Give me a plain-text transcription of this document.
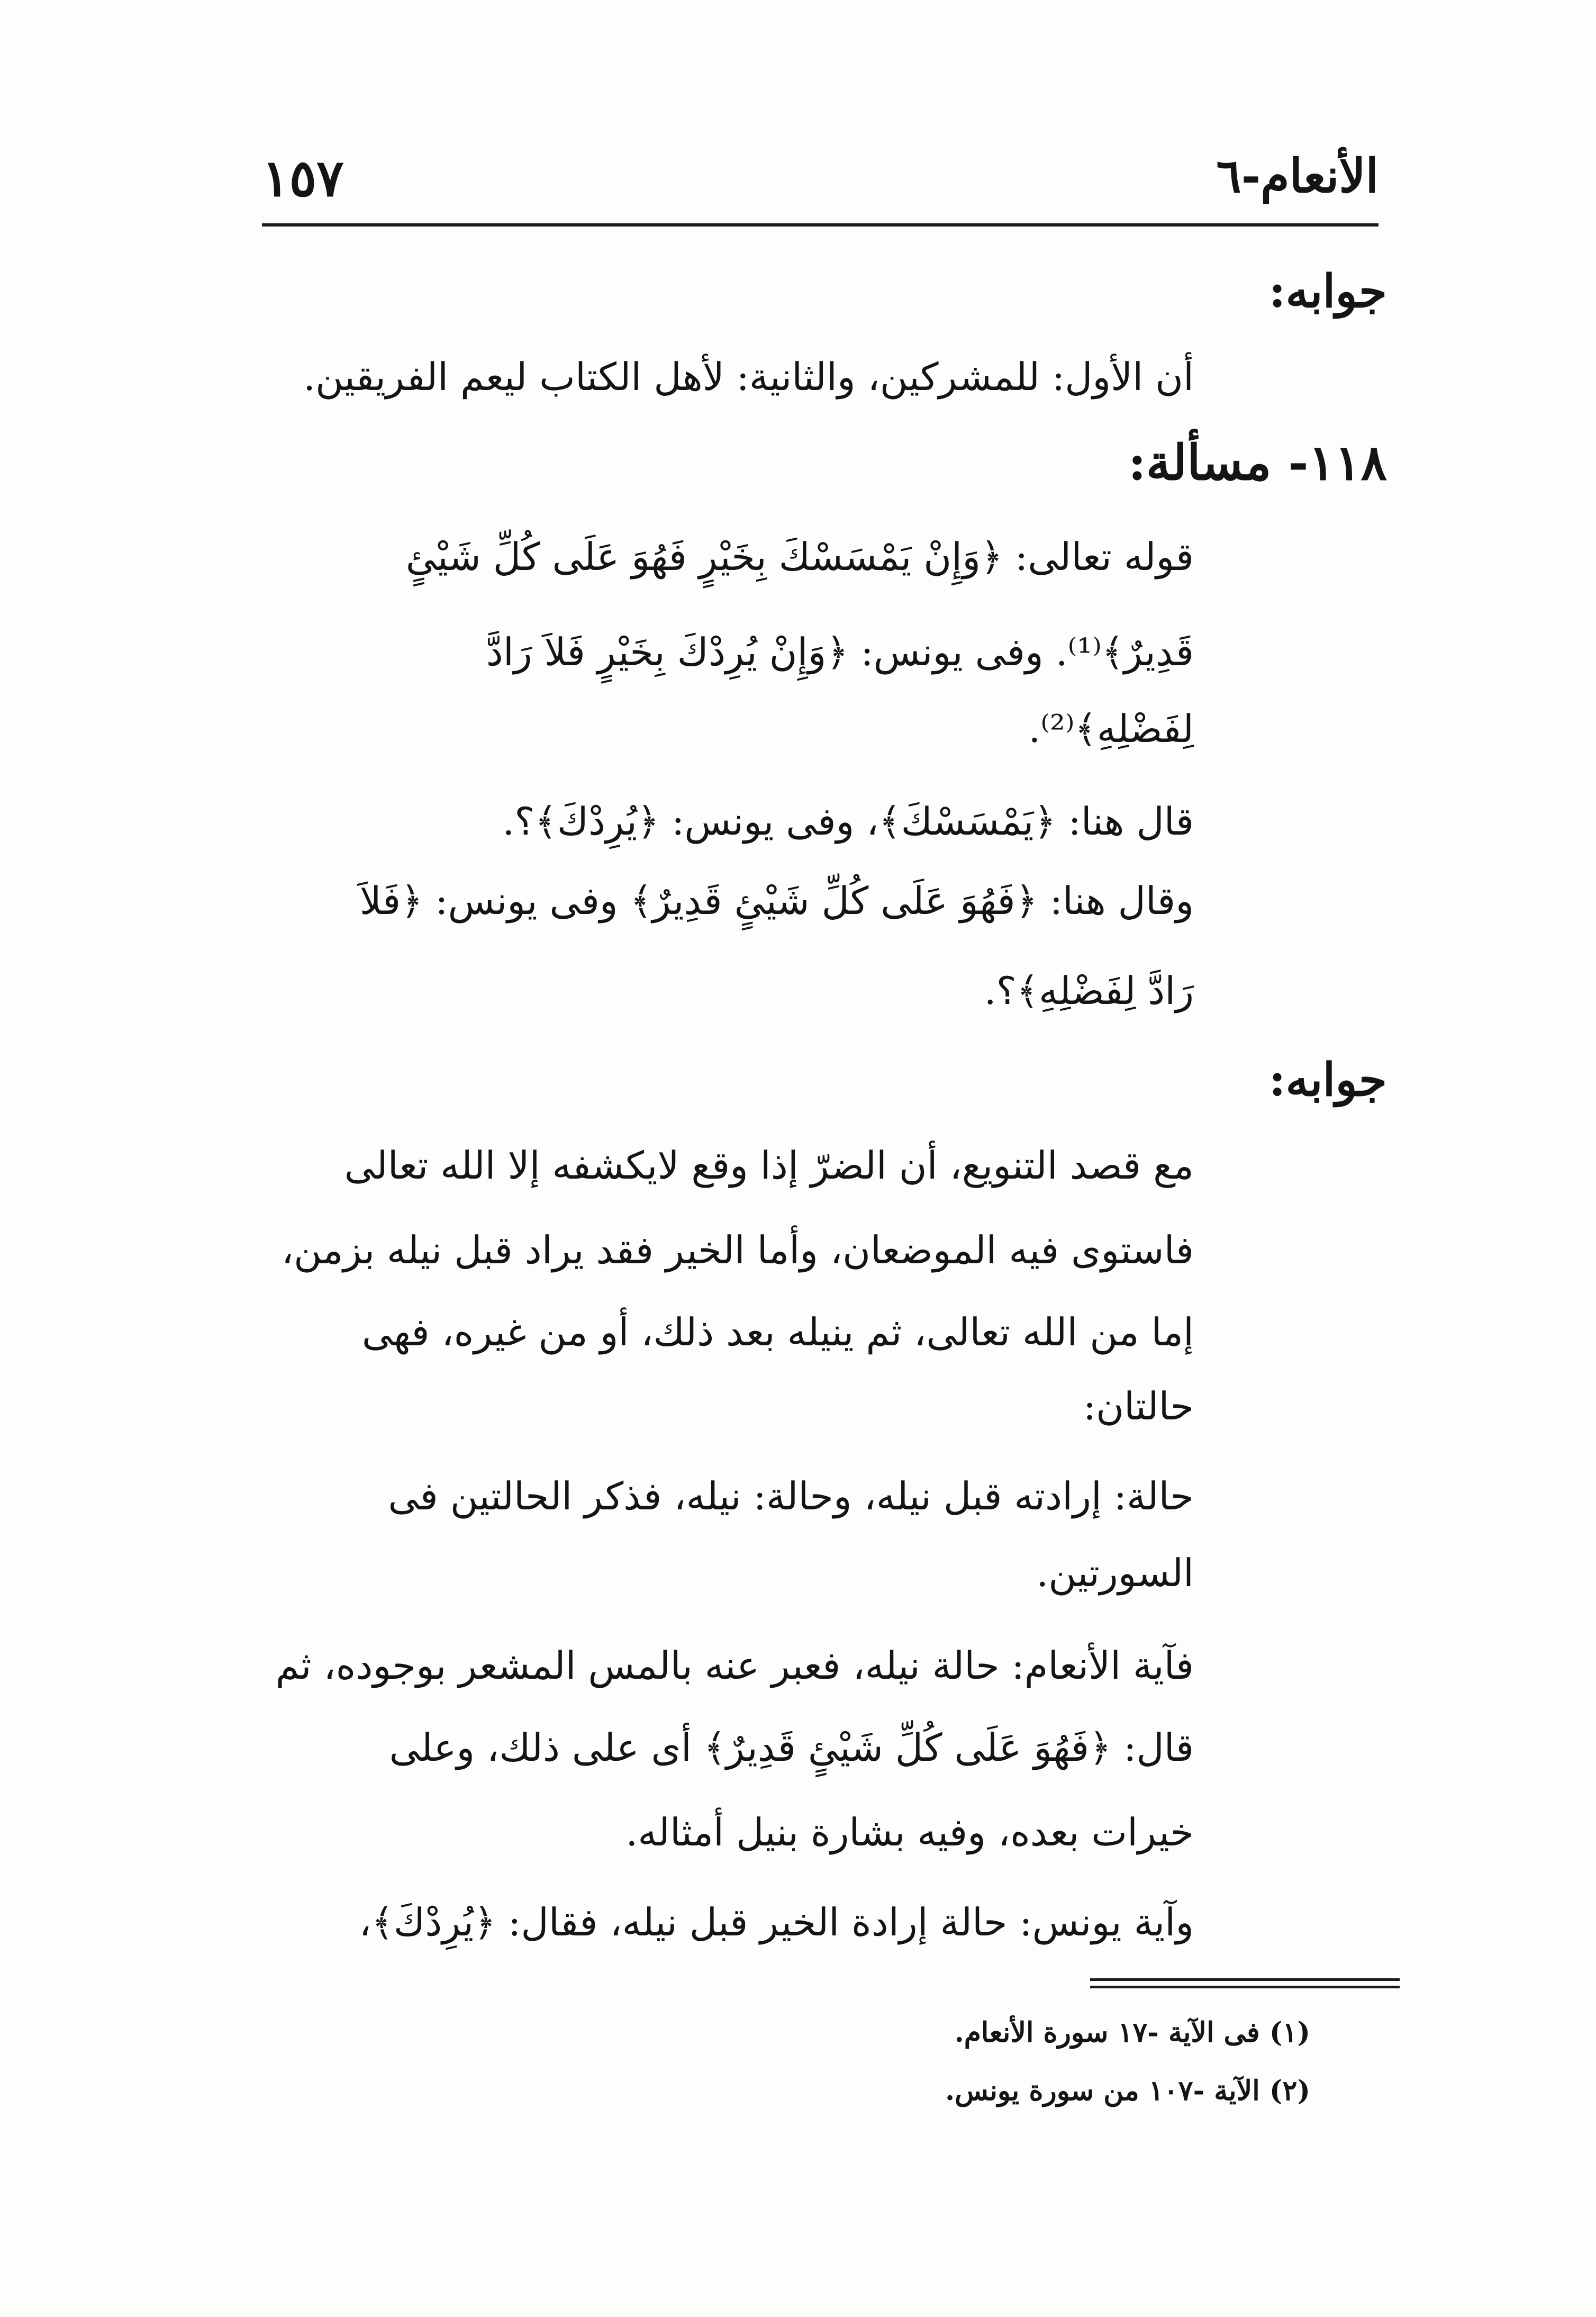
١٥٧	الأنعام-٦
جوابه:
أن الأول: للمشركين، والثانية: لأهل الكتاب ليعم الفريقين.
١١٨- مسألة:
قوله تعالى: ﴿وَإِنْ يَمْسَسْكَ بِخَيْرٍ فَهُوَ عَلَى كُلِّ شَيْئٍ
قَدِيرٌ﴾⁽¹⁾. وفى يونس: ﴿وَإِنْ يُرِدْكَ بِخَيْرٍ فَلاَ رَادَّ
لِفَضْلِهِ﴾⁽²⁾.
قال هنا: ﴿يَمْسَسْكَ﴾، وفى يونس: ﴿يُرِدْكَ﴾؟.
وقال هنا: ﴿فَهُوَ عَلَى كُلِّ شَيْئٍ قَدِيرٌ﴾ وفى يونس: ﴿فَلاَ
رَادَّ لِفَضْلِهِ﴾؟.
جوابه:
مع قصد التنويع، أن الضرّ إذا وقع لايكشفه إلا الله تعالى
فاستوى فيه الموضعان، وأما الخير فقد يراد قبل نيله بزمن،
إما من الله تعالى، ثم ينيله بعد ذلك، أو من غيره، فهى
حالتان:
حالة: إرادته قبل نيله، وحالة: نيله، فذكر الحالتين فى
السورتين.
فآية الأنعام: حالة نيله، فعبر عنه بالمس المشعر بوجوده، ثم
قال: ﴿فَهُوَ عَلَى كُلِّ شَيْئٍ قَدِيرٌ﴾ أى على ذلك، وعلى
خيرات بعده، وفيه بشارة بنيل أمثاله.
وآية يونس: حالة إرادة الخير قبل نيله، فقال: ﴿يُرِدْكَ﴾،
(١) فى الآية -١٧ سورة الأنعام.
(٢) الآية -١٠٧ من سورة يونس.
